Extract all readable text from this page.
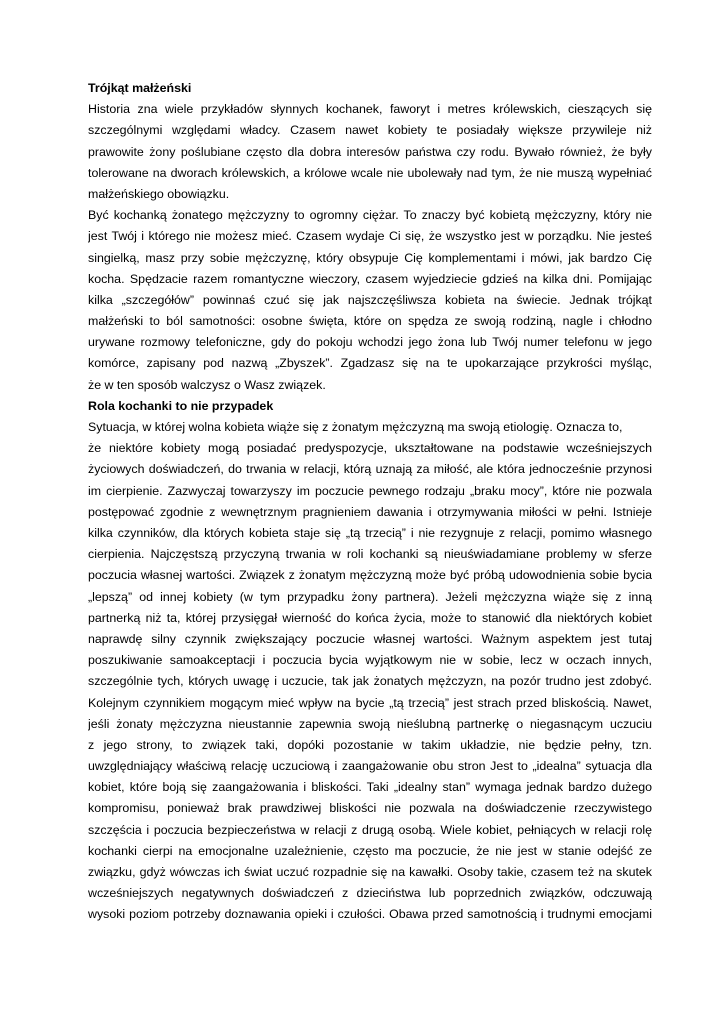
Trójkąt małżeński
Historia zna wiele przykładów słynnych kochanek, faworyt i metres królewskich, cieszących się
szczególnymi względami władcy. Czasem nawet kobiety te posiadały większe przywileje niż
prawowite żony poślubiane często dla dobra interesów państwa czy rodu. Bywało również, że były
tolerowane na dworach królewskich, a królowe wcale nie ubolewały nad tym, że nie muszą wypełniać
małżeńskiego obowiązku.
Być kochanką żonatego mężczyzny to ogromny ciężar. To znaczy być kobietą mężczyzny, który nie
jest Twój i którego nie możesz mieć. Czasem wydaje Ci się, że wszystko jest w porządku. Nie jesteś
singielką, masz przy sobie mężczyznę, który obsypuje Cię komplementami i mówi, jak bardzo Cię
kocha. Spędzacie razem romantyczne wieczory, czasem wyjedziecie gdzieś na kilka dni. Pomijając
kilka „szczegółów” powinnaś czuć się jak najszczęśliwsza kobieta na świecie. Jednak trójkąt
małżeński to ból samotności: osobne święta, które on spędza ze swoją rodziną, nagle i chłodno
urywane rozmowy telefoniczne, gdy do pokoju wchodzi jego żona lub Twój numer telefonu w jego
komórce, zapisany pod nazwą „Zbyszek”. Zgadzasz się na te upokarzające przykrości myśląc,
że w ten sposób walczysz o Wasz związek.
Rola kochanki to nie przypadek
Sytuacja, w której wolna kobieta wiąże się z żonatym mężczyzną ma swoją etiologię. Oznacza to,
że niektóre kobiety mogą posiadać predyspozycje, ukształtowane na podstawie wcześniejszych
życiowych doświadczeń, do trwania w relacji, którą uznają za miłość, ale która jednocześnie przynosi
im cierpienie. Zazwyczaj towarzyszy im poczucie pewnego rodzaju „braku mocy”, które nie pozwala
postępować zgodnie z wewnętrznym pragnieniem dawania i otrzymywania miłości w pełni. Istnieje
kilka czynników, dla których kobieta staje się „tą trzecią” i nie rezygnuje z relacji, pomimo własnego
cierpienia. Najczęstszą przyczyną trwania w roli kochanki są nieuświadamiane problemy w sferze
poczucia własnej wartości. Związek z żonatym mężczyzną może być próbą udowodnienia sobie bycia
„lepszą” od innej kobiety (w tym przypadku żony partnera). Jeżeli mężczyzna wiąże się z inną
partnerką niż ta, której przysięgał wierność do końca życia, może to stanowić dla niektórych kobiet
naprawdę silny czynnik zwiększający poczucie własnej wartości. Ważnym aspektem jest tutaj
poszukiwanie samoakceptacji i poczucia bycia wyjątkowym nie w sobie, lecz w oczach innych,
szczególnie tych, których uwagę i uczucie, tak jak żonatych mężczyzn, na pozór trudno jest zdobyć.
Kolejnym czynnikiem mogącym mieć wpływ na bycie „tą trzecią” jest strach przed bliskością. Nawet,
jeśli żonaty mężczyzna nieustannie zapewnia swoją nieślubną partnerkę o niegasnącym uczuciu
z jego strony, to związek taki, dopóki pozostanie w takim układzie, nie będzie pełny, tzn.
uwzględniający właściwą relację uczuciową i zaangażowanie obu stron Jest to „idealna” sytuacja dla
kobiet, które boją się zaangażowania i bliskości. Taki „idealny stan” wymaga jednak bardzo dużego
kompromisu, ponieważ brak prawdziwej bliskości nie pozwala na doświadczenie rzeczywistego
szczęścia i poczucia bezpieczeństwa w relacji z drugą osobą. Wiele kobiet, pełniących w relacji rolę
kochanki cierpi na emocjonalne uzależnienie, często ma poczucie, że nie jest w stanie odejść ze
związku, gdyż wówczas ich świat uczuć rozpadnie się na kawałki. Osoby takie, czasem też na skutek
wcześniejszych negatywnych doświadczeń z dzieciństwa lub poprzednich związków, odczuwają
wysoki poziom potrzeby doznawania opieki i czułości. Obawa przed samotnością i trudnymi emocjami
